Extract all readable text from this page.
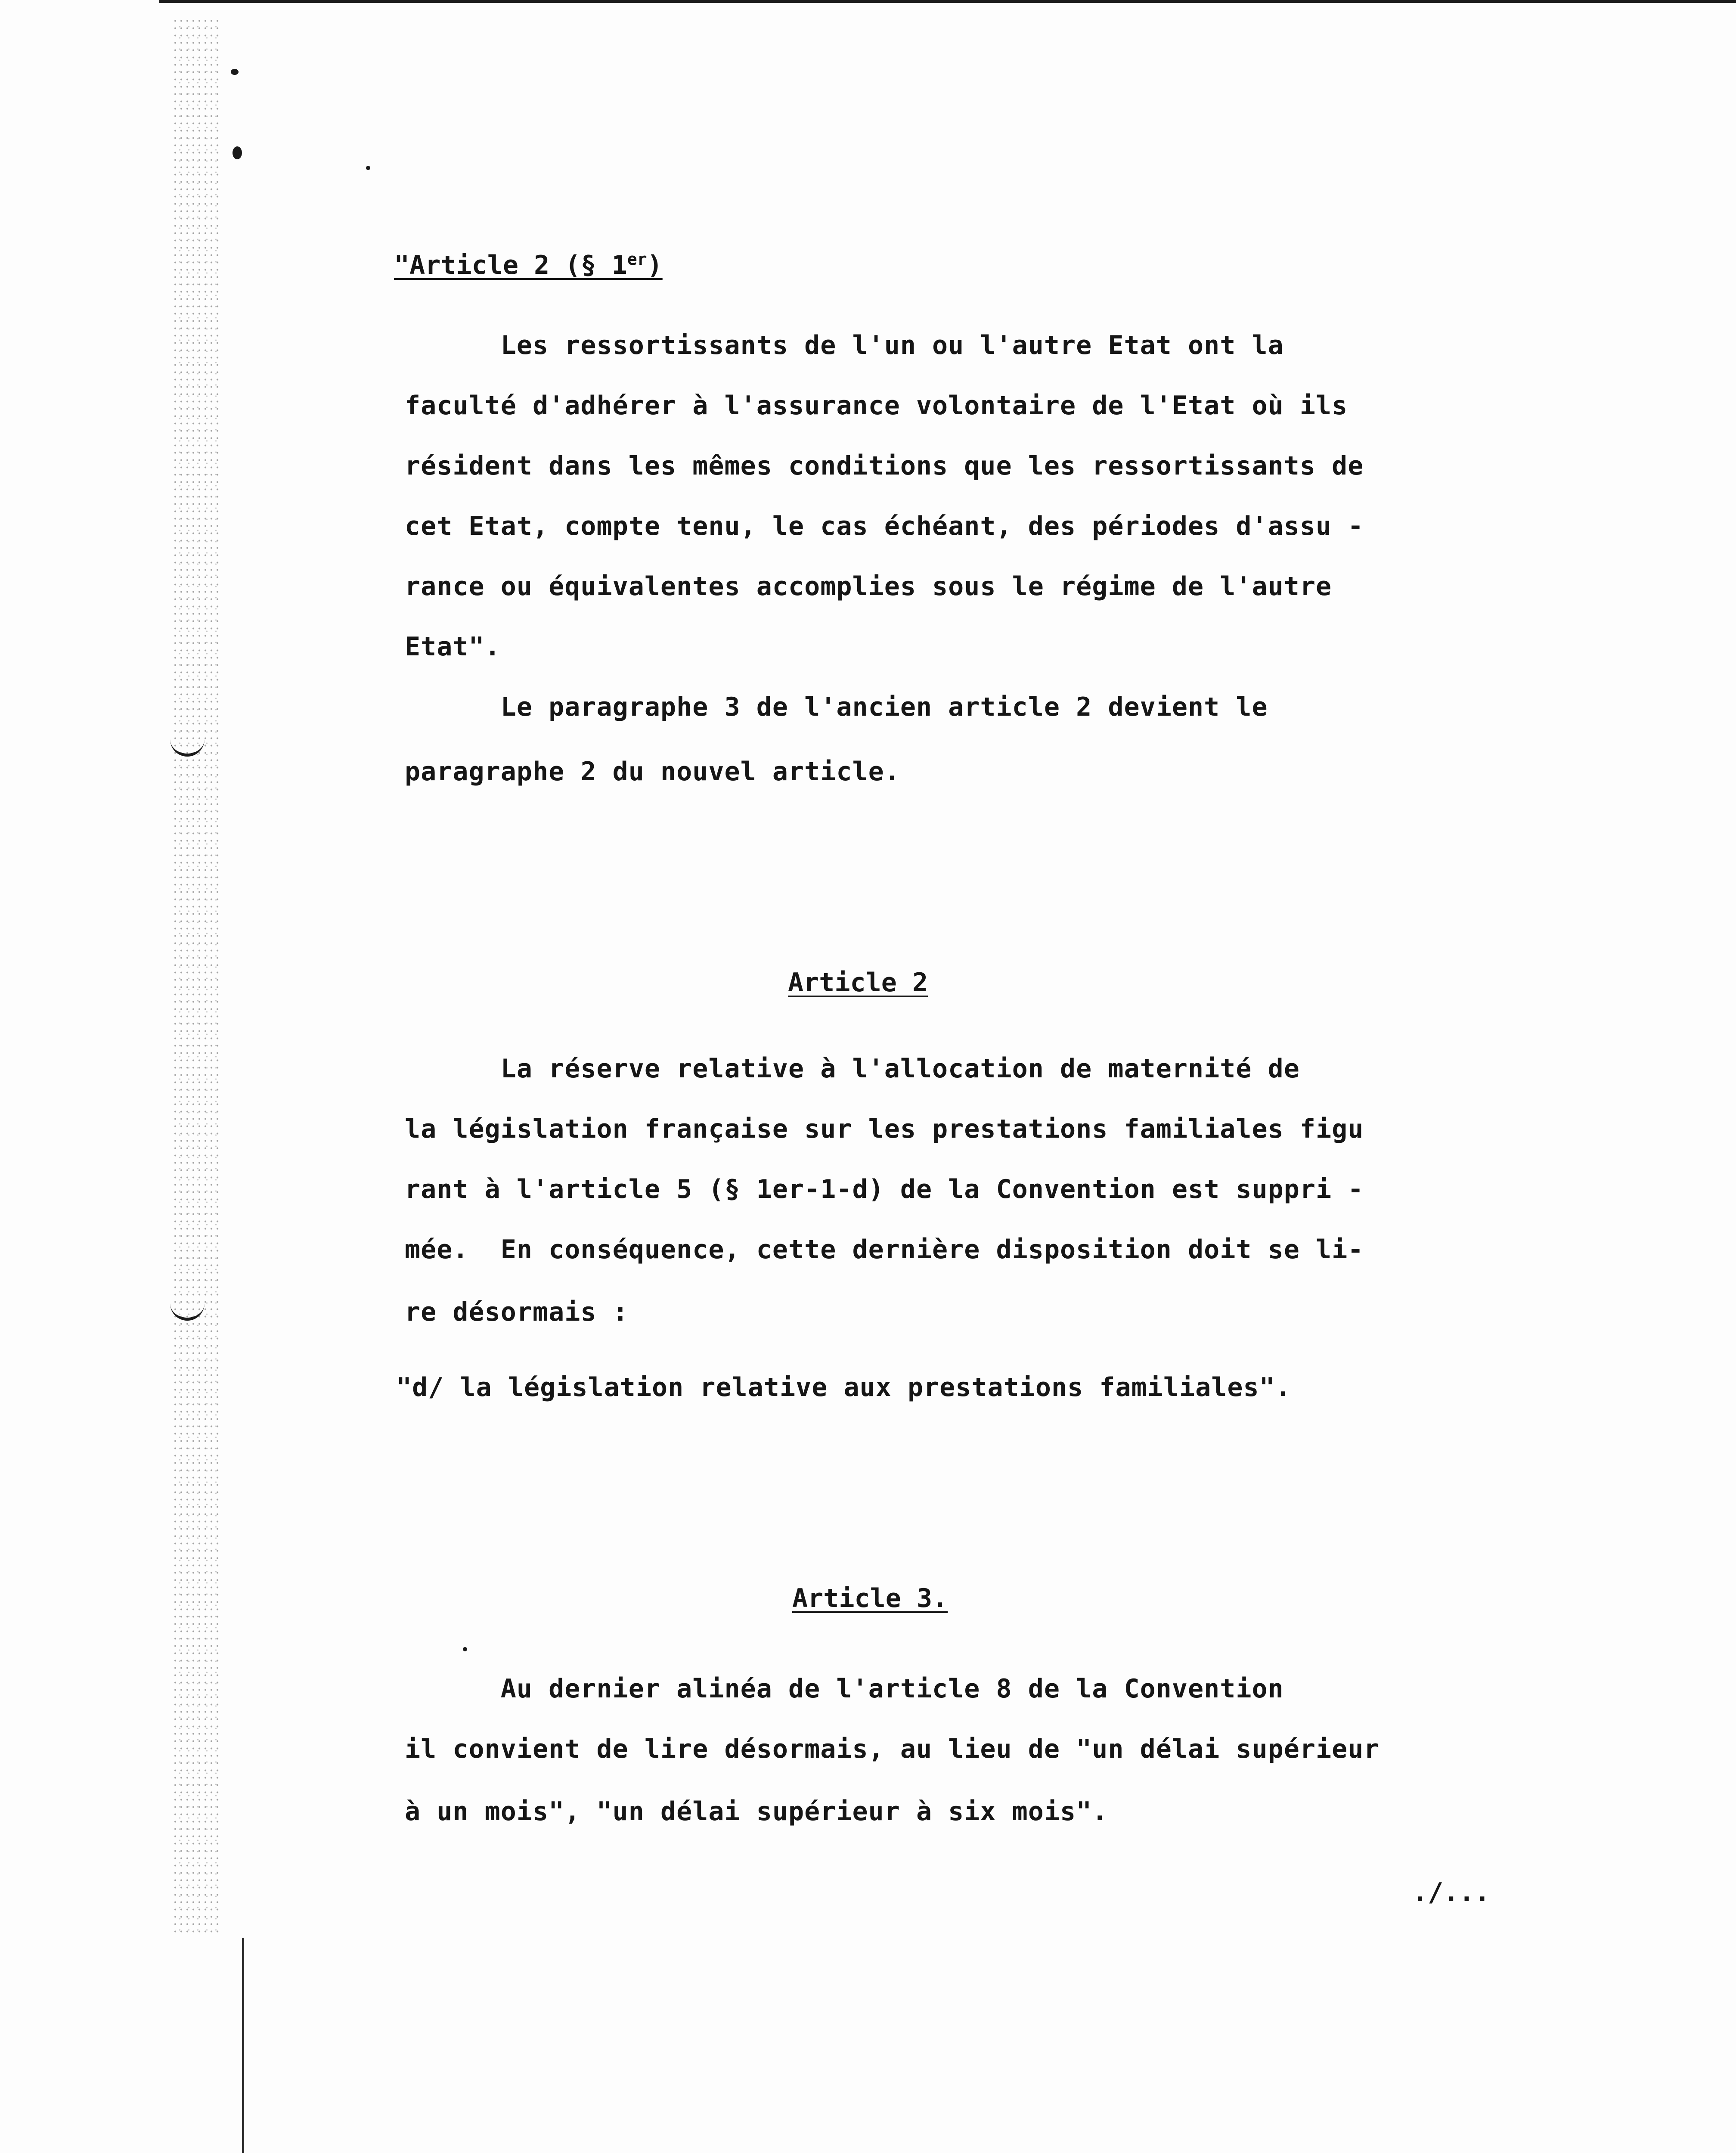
"Article 2 (§ 1er)
Les ressortissants de l'un ou l'autre Etat ont la
faculté d'adhérer à l'assurance volontaire de l'Etat où ils
résident dans les mêmes conditions que les ressortissants de
cet Etat, compte tenu, le cas échéant, des périodes d'assu -
rance ou équivalentes accomplies sous le régime de l'autre
Etat".
Le paragraphe 3 de l'ancien article 2 devient le
paragraphe 2 du nouvel article.
Article 2
La réserve relative à l'allocation de maternité de
la législation française sur les prestations familiales figu
rant à l'article 5 (§ 1er-1-d) de la Convention est suppri -
mée.  En conséquence, cette dernière disposition doit se li-
re désormais :
"d/ la législation relative aux prestations familiales".
Article 3.
Au dernier alinéa de l'article 8 de la Convention
il convient de lire désormais, au lieu de "un délai supérieur
à un mois", "un délai supérieur à six mois".
./...
